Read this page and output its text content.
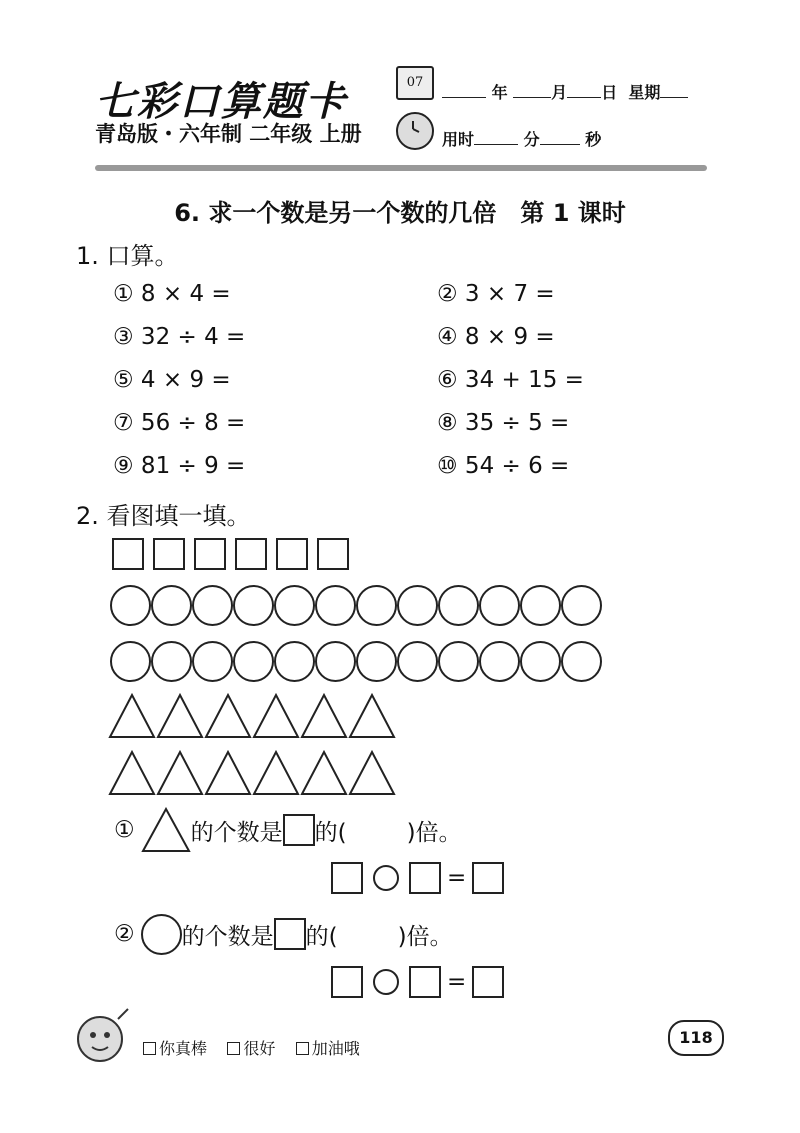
七彩口算题卡
青岛版・六年制 二年级 上册
07
年	月 日 星期
用时	分	秒
6. 求一个数是另一个数的几倍　第 1 课时
1. 口算。
① 8 × 4 =	② 3 × 7 =
③ 32 ÷ 4 =	④ 8 × 9 =
⑤ 4 × 9 =	⑥ 34 + 15 =
⑦ 56 ÷ 8 =	⑧ 35 ÷ 5 =
⑨ 81 ÷ 9 =	⑩ 54 ÷ 6 =
2. 看图填一填。
① 的个数是 的(	)倍。
=
② 的个数是 的(	)倍。
=
你真棒 很好 加油哦
118
